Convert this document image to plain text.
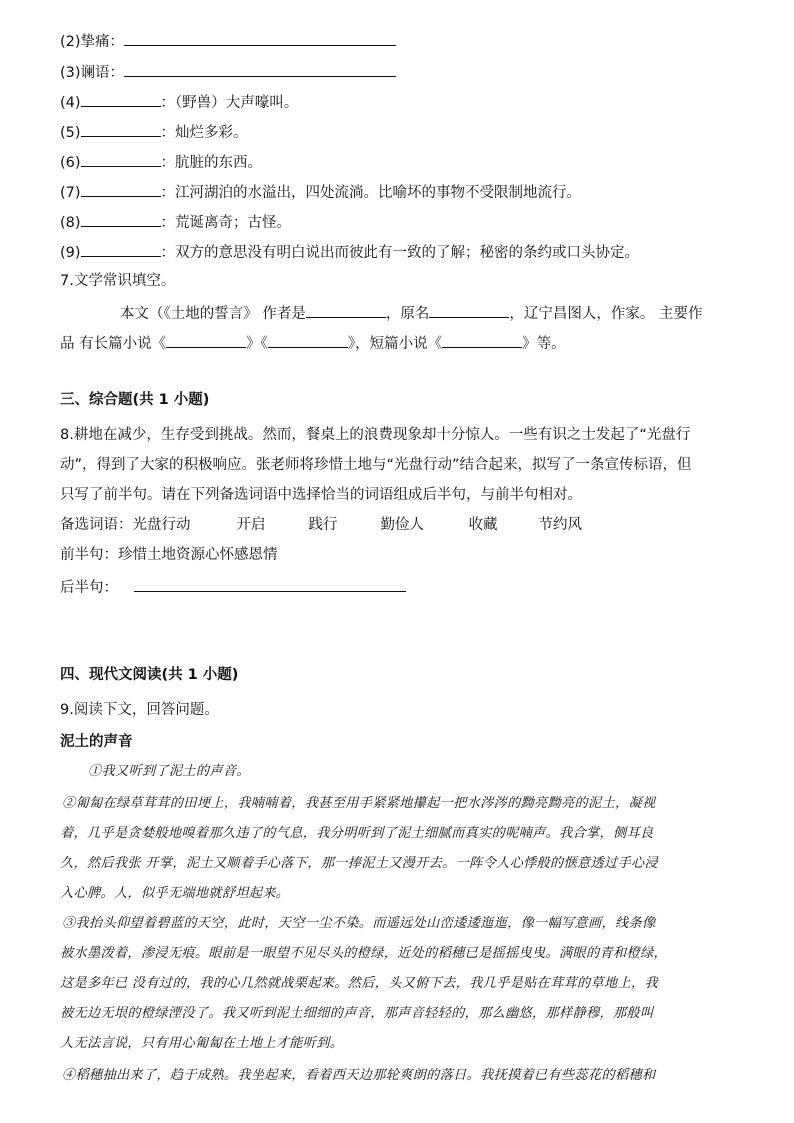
(2)挚痛：
(3)谰语：
(4)	：（野兽）大声嚎叫。
(5)	：灿烂多彩。
(6)	：肮脏的东西。
(7)	：江河湖泊的水溢出，四处流淌。比喻坏的事物不受限制地流行。
(8)	：荒诞离奇；古怪。
(9)	：双方的意思没有明白说出而彼此有一致的了解；秘密的条约或口头协定。
7.文学常识填空。
本文（《土地的誓言》 作者是	，原名	，辽宁昌图人，作家。 主要作
品 有长篇小说《	》《	》，短篇小说《	》等。
三、综合题(共 1 小题)
8.耕地在减少，生存受到挑战。然而，餐桌上的浪费现象却十分惊人。一些有识之士发起了“光盘行
动”，得到了大家的积极响应。张老师将珍惜土地与“光盘行动”结合起来，拟写了一条宣传标语，但
只写了前半句。请在下列备选词语中选择恰当的词语组成后半句，与前半句相对。
备选词语：光盘行动	开启	践行	勤俭人	收藏	节约风
前半句：珍惜土地资源心怀感恩情
后半句：
四、现代文阅读(共 1 小题)
9.阅读下文，回答问题。
泥土的声音
①我又听到了泥土的声音。
②匍匐在绿草茸茸的田埂上，我喃喃着，我甚至用手紧紧地攥起一把水涔涔的黝亮黝亮的泥土，凝视
着，几乎是贪婪般地嗅着那久违了的气息，我分明听到了泥土细腻而真实的呢喃声。我合掌，侧耳良
久，然后我张 开掌，泥土又顺着手心落下，那一捧泥土又漫开去。一阵令人心悸般的惬意透过手心浸
入心脾。人，似乎无端地就舒坦起来。
③我抬头仰望着碧蓝的天空，此时，天空一尘不染。而遥远处山峦逶逶迤迤，像一幅写意画，线条像
被水墨泼着，渗浸无痕。眼前是一眼望不见尽头的橙绿，近处的稻穗已是摇摇曳曳。满眼的青和橙绿，
这是多年已 没有过的，我的心几然就战栗起来。然后，头又俯下去，我几乎是贴在茸茸的草地上，我
被无边无垠的橙绿湮没了。我又听到泥土细细的声音，那声音轻轻的，那么幽悠，那样静穆，那般叫
人无法言说，只有用心匍匐在土地上才能听到。
④稻穗抽出来了，趋于成熟。我坐起来，看着西天边那轮爽朗的落日。我抚摸着已有些蕊花的稻穗和
